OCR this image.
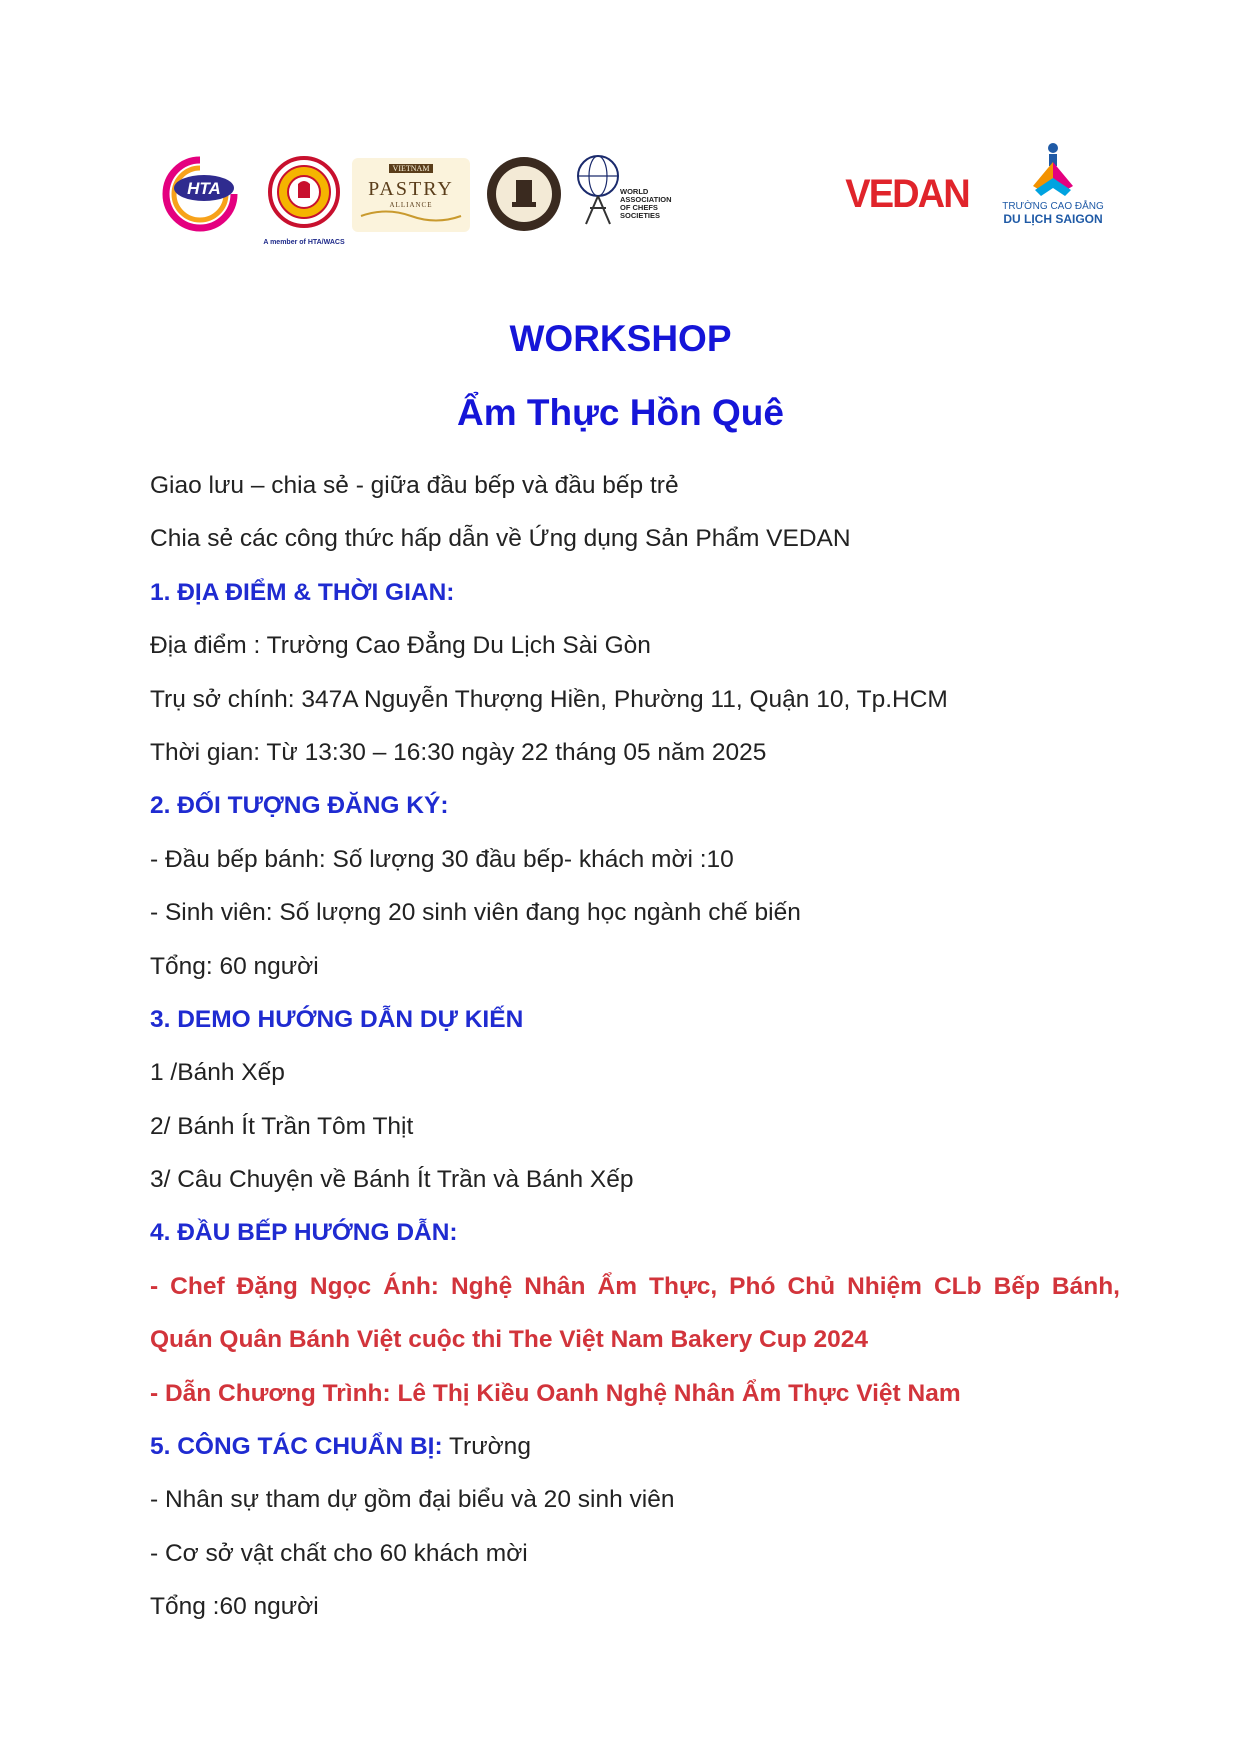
HTA
A member of HTA/WACS
VIETNAM
PASTRY
ALLIANCE
WORLD
ASSOCIATION
OF CHEFS
SOCIETIES	VEDAN	TRƯỜNG CAO ĐẲNG
DU LỊCH SAIGON
WORKSHOP
Ẩm Thực Hồn Quê
Giao lưu – chia sẻ - giữa đầu bếp và đầu bếp trẻ
Chia sẻ các công thức hấp dẫn về Ứng dụng Sản Phẩm VEDAN
1. ĐỊA ĐIỂM & THỜI GIAN:
Địa điểm : Trường Cao Đẳng Du Lịch Sài Gòn
Trụ sở chính: 347A Nguyễn Thượng Hiền, Phường 11, Quận 10, Tp.HCM
Thời gian: Từ 13:30 – 16:30 ngày 22 tháng 05 năm 2025
2. ĐỐI TƯỢNG ĐĂNG KÝ:
- Đầu bếp bánh: Số lượng 30 đầu bếp- khách mời :10
- Sinh viên: Số lượng 20 sinh viên đang học ngành chế biến
Tổng: 60 người
3. DEMO HƯỚNG DẪN DỰ KIẾN
1 /Bánh Xếp
2/ Bánh Ít Trần Tôm Thịt
3/ Câu Chuyện về Bánh Ít Trần và Bánh Xếp
4. ĐẦU BẾP HƯỚNG DẪN:
- Chef Đặng Ngọc Ánh: Nghệ Nhân Ẩm Thực, Phó Chủ Nhiệm CLb Bếp Bánh,
Quán Quân Bánh Việt cuộc thi The Việt Nam Bakery Cup 2024
- Dẫn Chương Trình: Lê Thị Kiều Oanh Nghệ Nhân Ẩm Thực Việt Nam
5. CÔNG TÁC CHUẨN BỊ: Trường
- Nhân sự tham dự gồm đại biểu và 20 sinh viên
- Cơ sở vật chất cho 60 khách mời
Tổng :60 người
